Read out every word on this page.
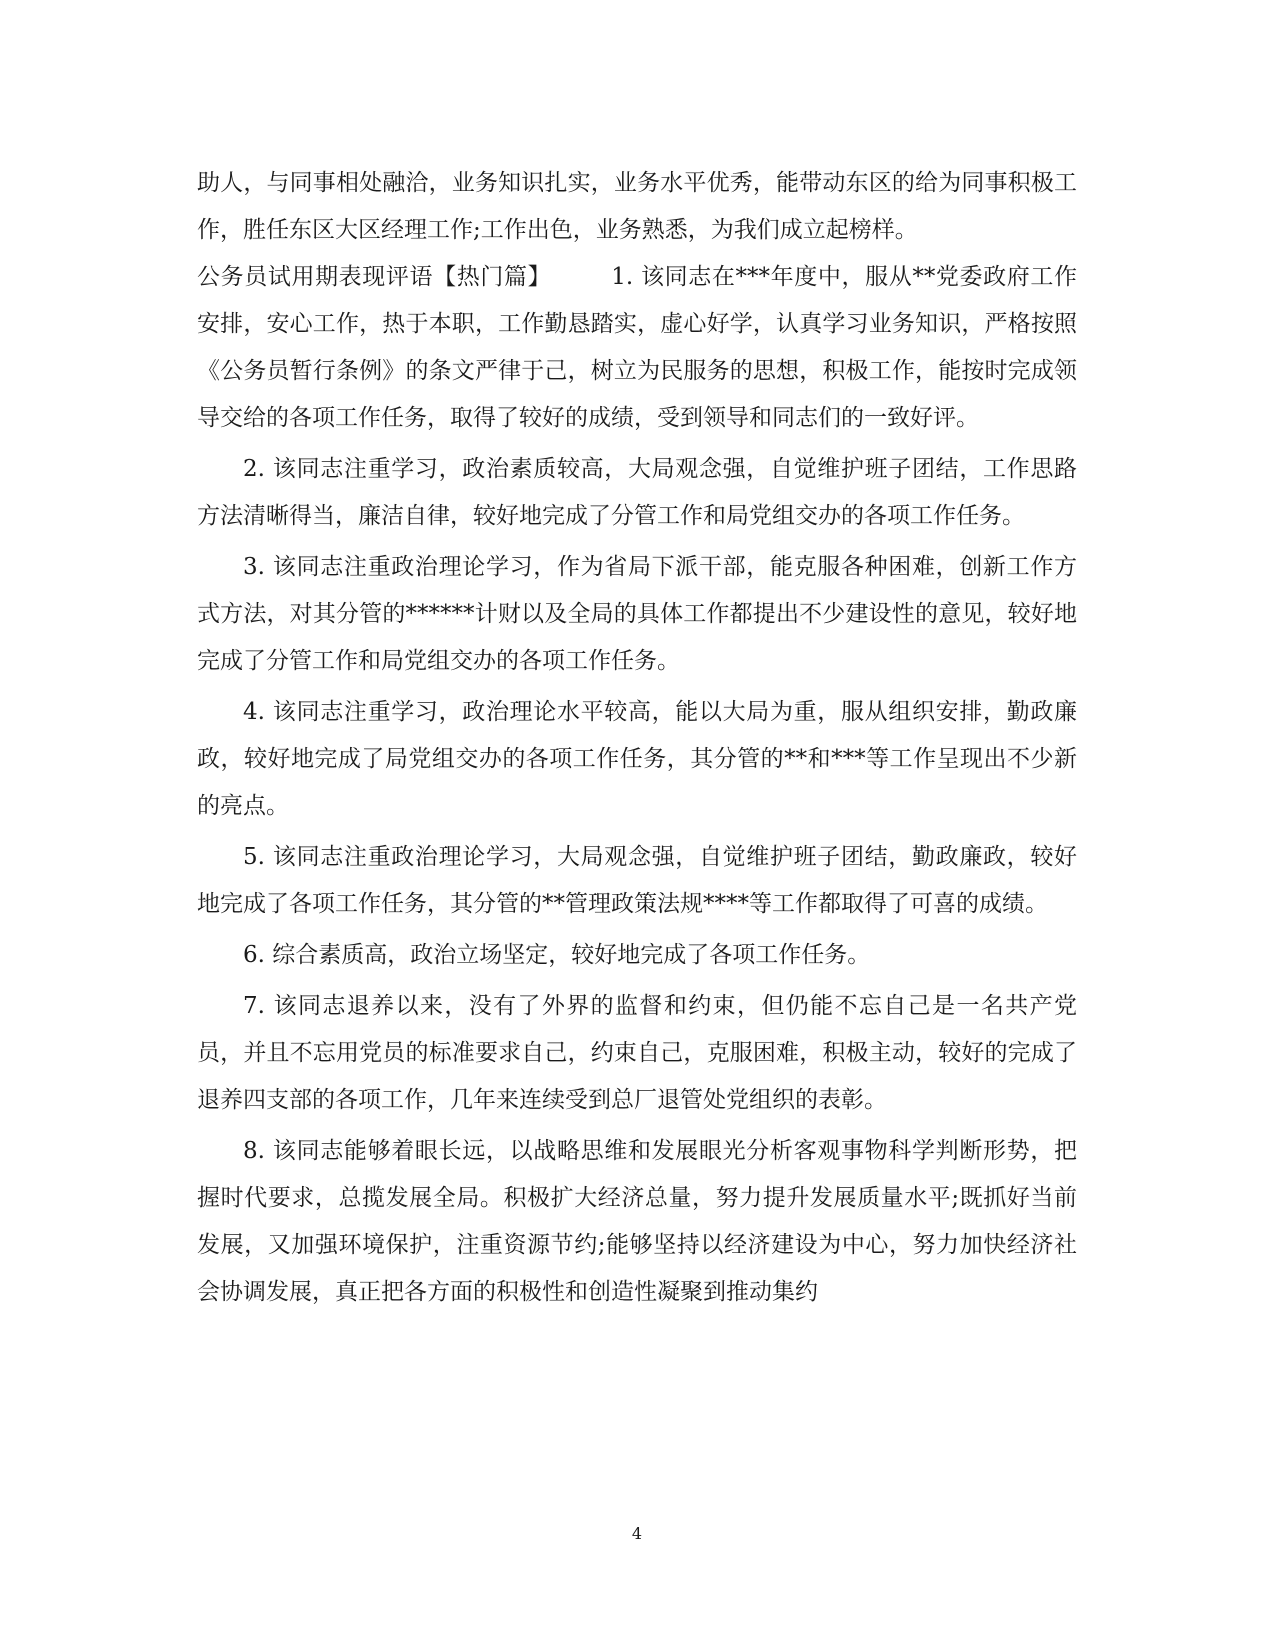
助人，与同事相处融洽，业务知识扎实，业务水平优秀，能带动东区的给为同事积极工作，胜任东区大区经理工作;工作出色，业务熟悉，为我们成立起榜样。

公务员试用期表现评语【热门篇】	1. 该同志在***年度中，服从**党委政府工作安排，安心工作，热于本职，工作勤恳踏实，虚心好学，认真学习业务知识，严格按照《公务员暂行条例》的条文严律于己，树立为民服务的思想，积极工作，能按时完成领导交给的各项工作任务，取得了较好的成绩，受到领导和同志们的一致好评。

2. 该同志注重学习，政治素质较高，大局观念强，自觉维护班子团结，工作思路方法清晰得当，廉洁自律，较好地完成了分管工作和局党组交办的各项工作任务。

3. 该同志注重政治理论学习，作为省局下派干部，能克服各种困难，创新工作方式方法，对其分管的******计财以及全局的具体工作都提出不少建设性的意见，较好地完成了分管工作和局党组交办的各项工作任务。

4. 该同志注重学习，政治理论水平较高，能以大局为重，服从组织安排，勤政廉政，较好地完成了局党组交办的各项工作任务，其分管的**和***等工作呈现出不少新的亮点。

5. 该同志注重政治理论学习，大局观念强，自觉维护班子团结，勤政廉政，较好地完成了各项工作任务，其分管的**管理政策法规****等工作都取得了可喜的成绩。

6. 综合素质高，政治立场坚定，较好地完成了各项工作任务。

7. 该同志退养以来，没有了外界的监督和约束，但仍能不忘自己是一名共产党员，并且不忘用党员的标准要求自己，约束自己，克服困难，积极主动，较好的完成了退养四支部的各项工作，几年来连续受到总厂退管处党组织的表彰。

8. 该同志能够着眼长远，以战略思维和发展眼光分析客观事物科学判断形势，把握时代要求，总揽发展全局。积极扩大经济总量，努力提升发展质量水平;既抓好当前发展，又加强环境保护，注重资源节约;能够坚持以经济建设为中心，努力加快经济社会协调发展，真正把各方面的积极性和创造性凝聚到推动集约

4
